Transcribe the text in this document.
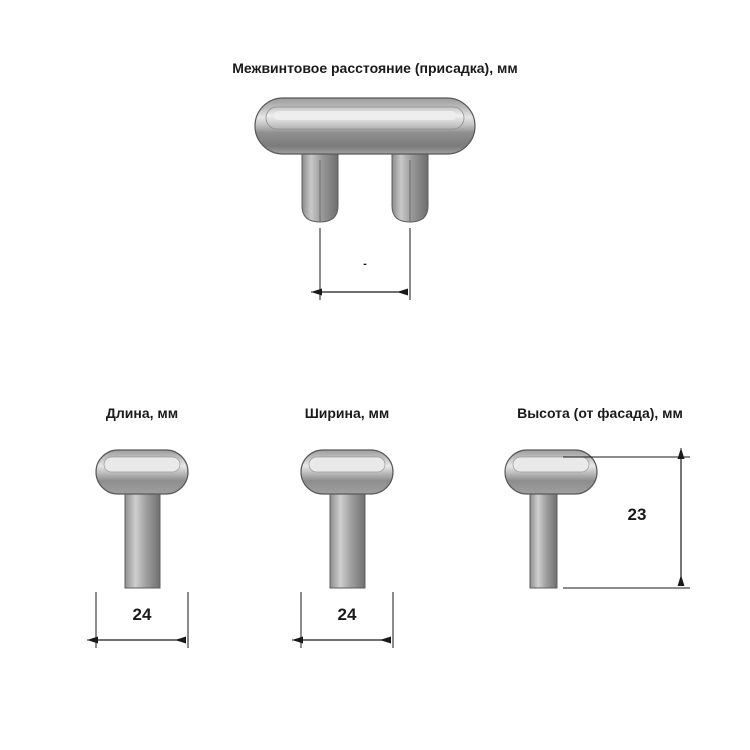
Межвинтовое расстояние (присадка), мм
-
Длина, мм	Ширина, мм	Высота (от фасада), мм
24	24
23
